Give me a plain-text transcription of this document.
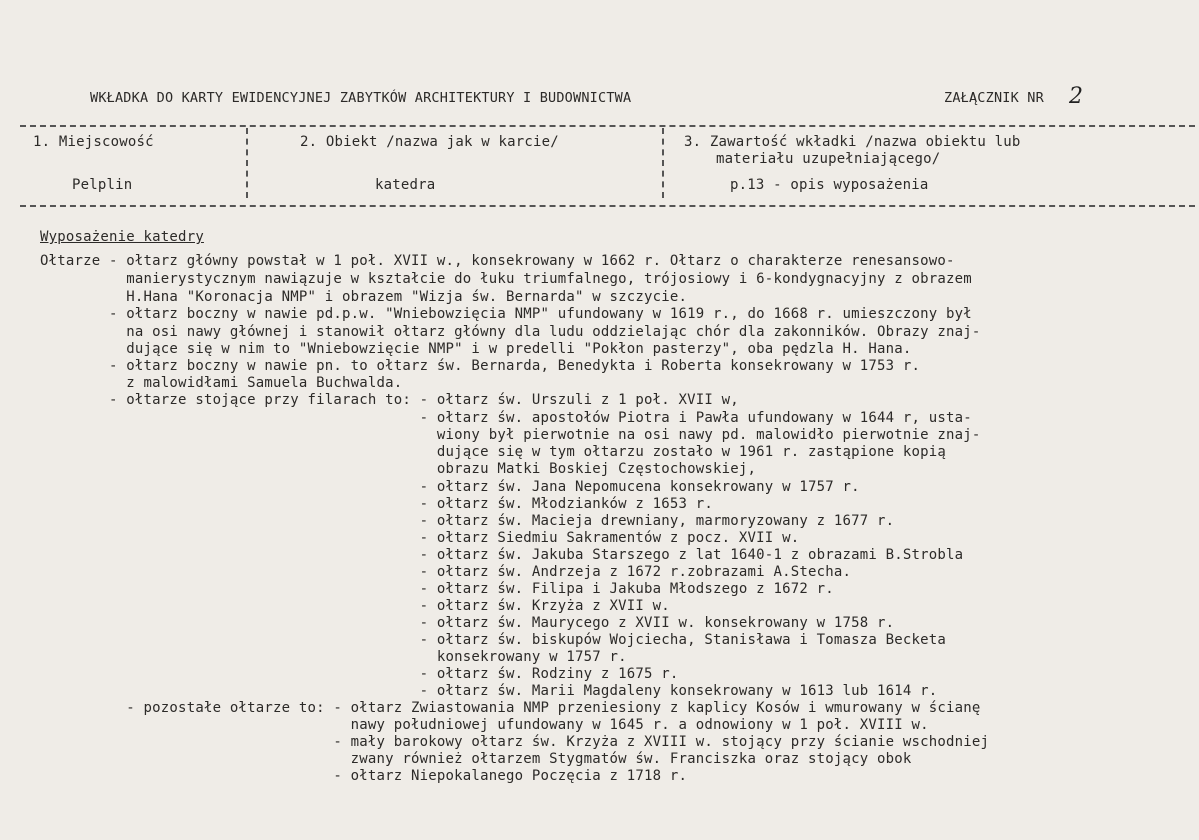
WKŁADKA DO KARTY EWIDENCYJNEJ ZABYTKÓW ARCHITEKTURY I BUDOWNICTWA	ZAŁĄCZNIK NR 2
1. Miejscowość
Pelplin
2. Obiekt /nazwa jak w karcie/
katedra
3. Zawartość wkładki /nazwa obiektu lub
materiału uzupełniającego/
p.13 - opis wyposażenia
Wyposażenie katedry
Ołtarze - ołtarz główny powstał w 1 poł. XVII w., konsekrowany w 1662 r. Ołtarz o charakterze renesansowo-
manierystycznym nawiązuje w kształcie do łuku triumfalnego, trójosiowy i 6-kondygnacyjny z obrazem
H.Hana "Koronacja NMP" i obrazem "Wizja św. Bernarda" w szczycie.
- ołtarz boczny w nawie pd.p.w. "Wniebowzięcia NMP" ufundowany w 1619 r., do 1668 r. umieszczony był
na osi nawy głównej i stanowił ołtarz główny dla ludu oddzielając chór dla zakonników. Obrazy znaj-
dujące się w nim to "Wniebowzięcie NMP" i w predelli "Pokłon pasterzy", oba pędzla H. Hana.
- ołtarz boczny w nawie pn. to ołtarz św. Bernarda, Benedykta i Roberta konsekrowany w 1753 r.
z malowidłami Samuela Buchwalda.
- ołtarze stojące przy filarach to: - ołtarz św. Urszuli z 1 poł. XVII w,
- ołtarz św. apostołów Piotra i Pawła ufundowany w 1644 r, usta-
wiony był pierwotnie na osi nawy pd. malowidło pierwotnie znaj-
dujące się w tym ołtarzu zostało w 1961 r. zastąpione kopią
obrazu Matki Boskiej Częstochowskiej,
- ołtarz św. Jana Nepomucena konsekrowany w 1757 r.
- ołtarz św. Młodzianków z 1653 r.
- ołtarz św. Macieja drewniany, marmoryzowany z 1677 r.
- ołtarz Siedmiu Sakramentów z pocz. XVII w.
- ołtarz św. Jakuba Starszego z lat 1640-1 z obrazami B.Strobla
- ołtarz św. Andrzeja z 1672 r.zobrazami A.Stecha.
- ołtarz św. Filipa i Jakuba Młodszego z 1672 r.
- ołtarz św. Krzyża z XVII w.
- ołtarz św. Maurycego z XVII w. konsekrowany w 1758 r.
- ołtarz św. biskupów Wojciecha, Stanisława i Tomasza Becketa
konsekrowany w 1757 r.
- ołtarz św. Rodziny z 1675 r.
- ołtarz św. Marii Magdaleny konsekrowany w 1613 lub 1614 r.
- pozostałe ołtarze to: - ołtarz Zwiastowania NMP przeniesiony z kaplicy Kosów i wmurowany w ścianę
nawy południowej ufundowany w 1645 r. a odnowiony w 1 poł. XVIII w.
- mały barokowy ołtarz św. Krzyża z XVIII w. stojący przy ścianie wschodniej
zwany również ołtarzem Stygmatów św. Franciszka oraz stojący obok
- ołtarz Niepokalanego Poczęcia z 1718 r.
